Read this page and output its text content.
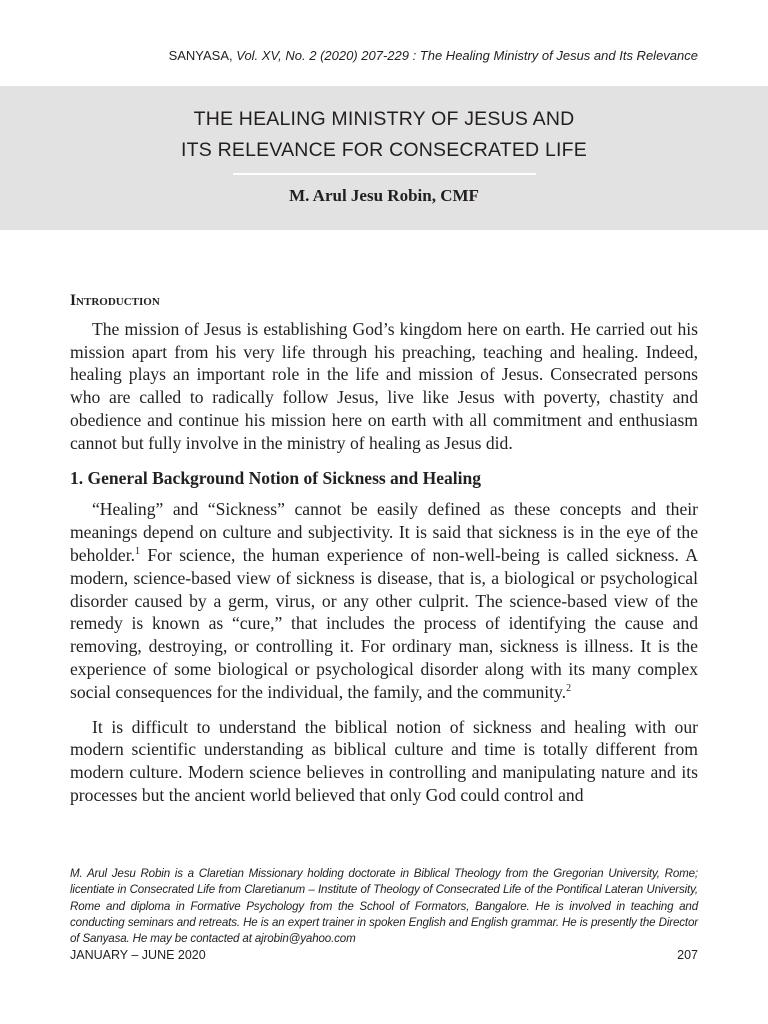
SANYASA, Vol. XV, No. 2 (2020) 207-229 : The Healing Ministry of Jesus and Its Relevance
THE HEALING MINISTRY OF JESUS AND
ITS RELEVANCE FOR CONSECRATED LIFE
M. Arul Jesu Robin, CMF
Introduction

The mission of Jesus is establishing God’s kingdom here on earth. He carried out his mission apart from his very life through his preaching, teaching and healing. Indeed, healing plays an important role in the life and mission of Jesus. Consecrated persons who are called to radically follow Jesus, live like Jesus with poverty, chastity and obedience and continue his mission here on earth with all commitment and enthusiasm cannot but fully involve in the ministry of healing as Jesus did.

1. General Background Notion of Sickness and Healing

“Healing” and “Sickness” cannot be easily defined as these concepts and their meanings depend on culture and subjectivity. It is said that sickness is in the eye of the beholder.$^1$ For science, the human experience of non-well-being is called sickness. A modern, science-based view of sickness is disease, that is, a biological or psychological disorder caused by a germ, virus, or any other culprit. The science-based view of the remedy is known as “cure,” that includes the process of identifying the cause and removing, destroying, or controlling it. For ordinary man, sickness is illness. It is the experience of some biological or psychological disorder along with its many complex social consequences for the individual, the family, and the community.$^2$

It is difficult to understand the biblical notion of sickness and healing with our modern scientific understanding as biblical culture and time is totally different from modern culture. Modern science believes in controlling and manipulating nature and its processes but the ancient world believed that only God could control and

M. Arul Jesu Robin is a Claretian Missionary holding doctorate in Biblical Theology from the Gregorian University, Rome; licentiate in Consecrated Life from Claretianum – Institute of Theology of Consecrated Life of the Pontifical Lateran University, Rome and diploma in Formative Psychology from the School of Formators, Bangalore. He is involved in teaching and conducting seminars and retreats. He is an expert trainer in spoken English and English grammar. He is presently the Director of Sanyasa. He may be contacted at ajrobin@yahoo.com
JANUARY – JUNE 2020	207
